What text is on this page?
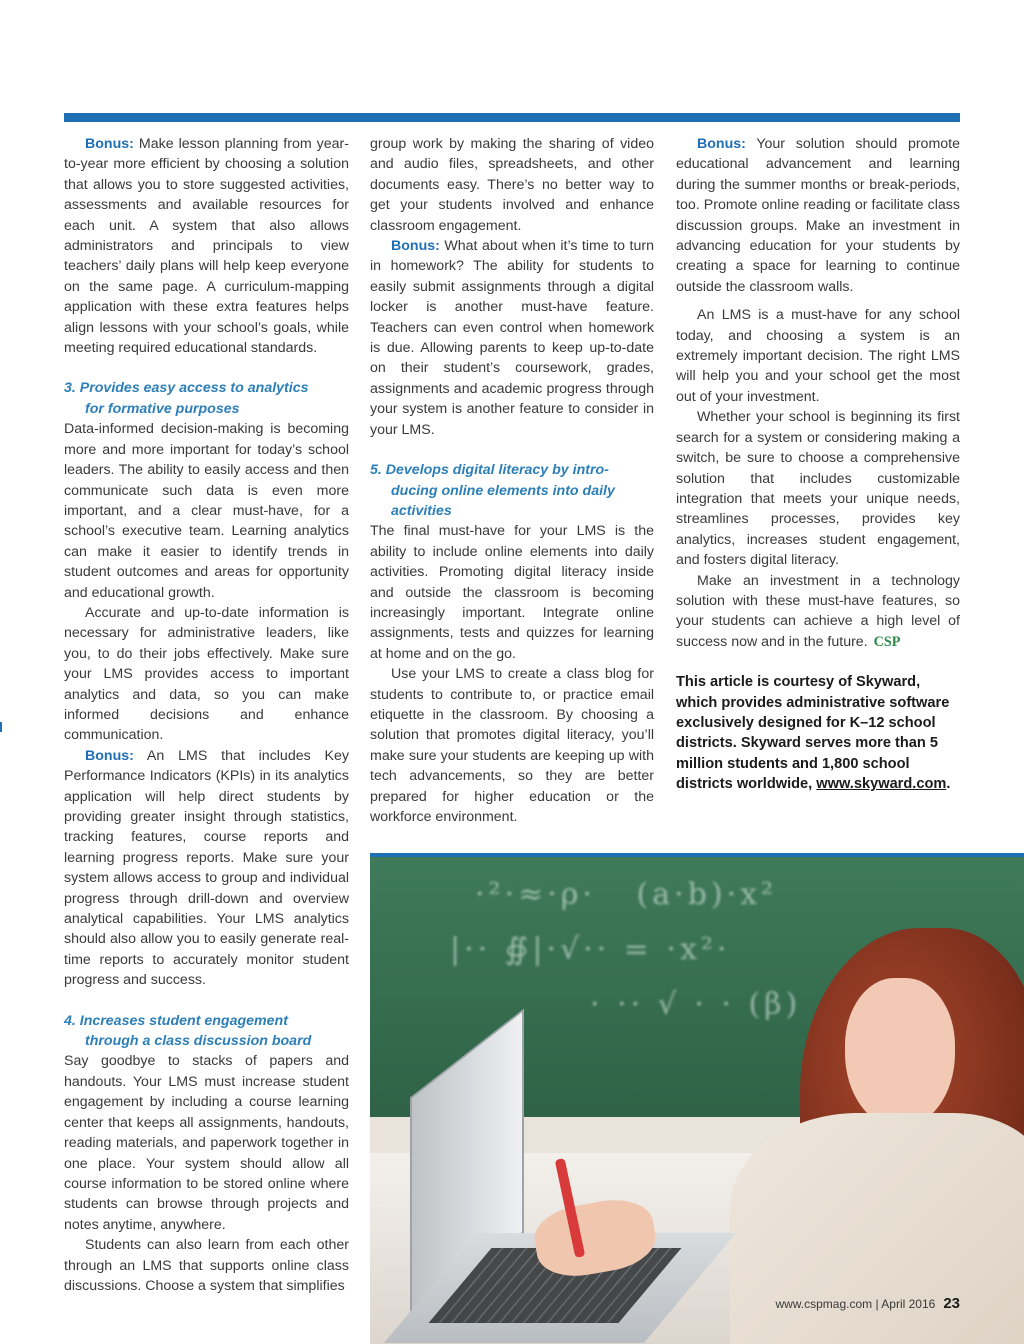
Bonus: Make lesson planning from year-to-year more efficient by choosing a solution that allows you to store suggested activities, assessments and available resources for each unit. A system that also allows administrators and principals to view teachers’ daily plans will help keep everyone on the same page. A curriculum-mapping application with these extra features helps align lessons with your school’s goals, while meeting required educational standards.

3. Provides easy access to analytics
for formative purposes

Data-informed decision-making is becoming more and more important for today’s school leaders. The ability to easily access and then communicate such data is even more important, and a clear must-have, for a school’s executive team. Learning analytics can make it easier to identify trends in student outcomes and areas for opportunity and educational growth.

Accurate and up-to-date information is necessary for administrative leaders, like you, to do their jobs effectively. Make sure your LMS provides access to important analytics and data, so you can make informed decisions and enhance communication.

Bonus: An LMS that includes Key Performance Indicators (KPIs) in its analytics application will help direct students by providing greater insight through statistics, tracking features, course reports and learning progress reports. Make sure your system allows access to group and individual progress through drill-down and overview analytical capabilities. Your LMS analytics should also allow you to easily generate real-time reports to accurately monitor student progress and success.

4. Increases student engagement
through a class discussion board

Say goodbye to stacks of papers and handouts. Your LMS must increase student engagement by including a course learning center that keeps all assignments, handouts, reading materials, and paperwork together in one place. Your system should allow all course information to be stored online where students can browse through projects and notes anytime, anywhere.

Students can also learn from each other through an LMS that supports online class discussions. Choose a system that simplifies

group work by making the sharing of video and audio files, spreadsheets, and other documents easy. There’s no better way to get your students involved and enhance classroom engagement.

Bonus: What about when it’s time to turn in homework? The ability for students to easily submit assignments through a digital locker is another must-have feature. Teachers can even control when homework is due. Allowing parents to keep up-to-date on their student’s coursework, grades, assignments and academic progress through your system is another feature to consider in your LMS.

5. Develops digital literacy by intro-
ducing online elements into daily
activities

The final must-have for your LMS is the ability to include online elements into daily activities. Promoting digital literacy inside and outside the classroom is becoming increasingly important. Integrate online assignments, tests and quizzes for learning at home and on the go.

Use your LMS to create a class blog for students to contribute to, or practice email etiquette in the classroom. By choosing a solution that promotes digital literacy, you’ll make sure your students are keeping up with tech advancements, so they are better prepared for higher education or the workforce environment.

Bonus: Your solution should promote educational advancement and learning during the summer months or break-periods, too. Promote online reading or facilitate class discussion groups. Make an investment in advancing education for your students by creating a space for learning to continue outside the classroom walls.

An LMS is a must-have for any school today, and choosing a system is an extremely important decision. The right LMS will help you and your school get the most out of your investment.

Whether your school is beginning its first search for a system or considering making a switch, be sure to choose a comprehensive solution that includes customizable integration that meets your unique needs, streamlines processes, provides key analytics, increases student engagement, and fosters digital literacy.

Make an investment in a technology solution with these must-have features, so your students can achieve a high level of success now and in the future. CSP

This article is courtesy of Skyward, which provides administrative software exclusively designed for K–12 school districts. Skyward serves more than 5 million students and 1,800 school districts worldwide, www.skyward.com.

·²·≈·ρ·   (a·b)·x²
|·· ∯|·√·· = ·x²·
· ·· √ · · (β)
www.cspmag.com | April 2016 23
